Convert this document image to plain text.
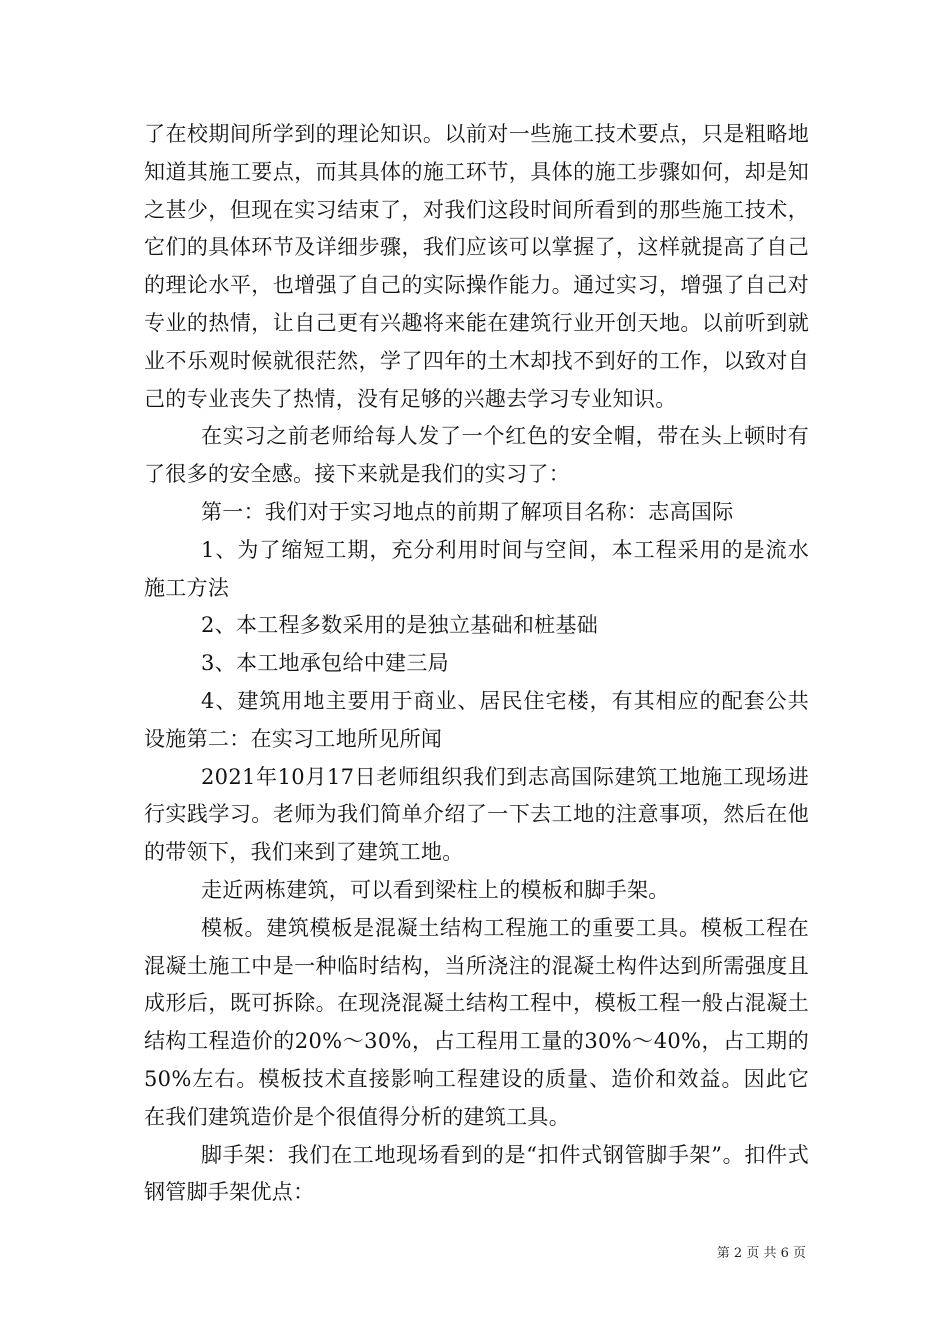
了在校期间所学到的理论知识。以前对一些施工技术要点，只是粗略地知道其施工要点，而其具体的施工环节，具体的施工步骤如何，却是知之甚少，但现在实习结束了，对我们这段时间所看到的那些施工技术，它们的具体环节及详细步骤，我们应该可以掌握了，这样就提高了自己的理论水平，也增强了自己的实际操作能力。通过实习，增强了自己对专业的热情，让自己更有兴趣将来能在建筑行业开创天地。以前听到就业不乐观时候就很茫然，学了四年的土木却找不到好的工作，以致对自己的专业丧失了热情，没有足够的兴趣去学习专业知识。

在实习之前老师给每人发了一个红色的安全帽，带在头上顿时有了很多的安全感。接下来就是我们的实习了：

第一：我们对于实习地点的前期了解项目名称：志高国际

1、为了缩短工期，充分利用时间与空间，本工程采用的是流水施工方法

2、本工程多数采用的是独立基础和桩基础

3、本工地承包给中建三局

4、建筑用地主要用于商业、居民住宅楼，有其相应的配套公共设施第二：在实习工地所见所闻

2021年10月17日老师组织我们到志高国际建筑工地施工现场进行实践学习。老师为我们简单介绍了一下去工地的注意事项，然后在他的带领下，我们来到了建筑工地。

走近两栋建筑，可以看到梁柱上的模板和脚手架。

模板。建筑模板是混凝土结构工程施工的重要工具。模板工程在混凝土施工中是一种临时结构，当所浇注的混凝土构件达到所需强度且成形后，既可拆除。在现浇混凝土结构工程中，模板工程一般占混凝土结构工程造价的20%～30%，占工程用工量的30%～40%，占工期的50%左右。模板技术直接影响工程建设的质量、造价和效益。因此它在我们建筑造价是个很值得分析的建筑工具。

脚手架：我们在工地现场看到的是“扣件式钢管脚手架”。扣件式钢管脚手架优点：

第 2 页 共 6 页
